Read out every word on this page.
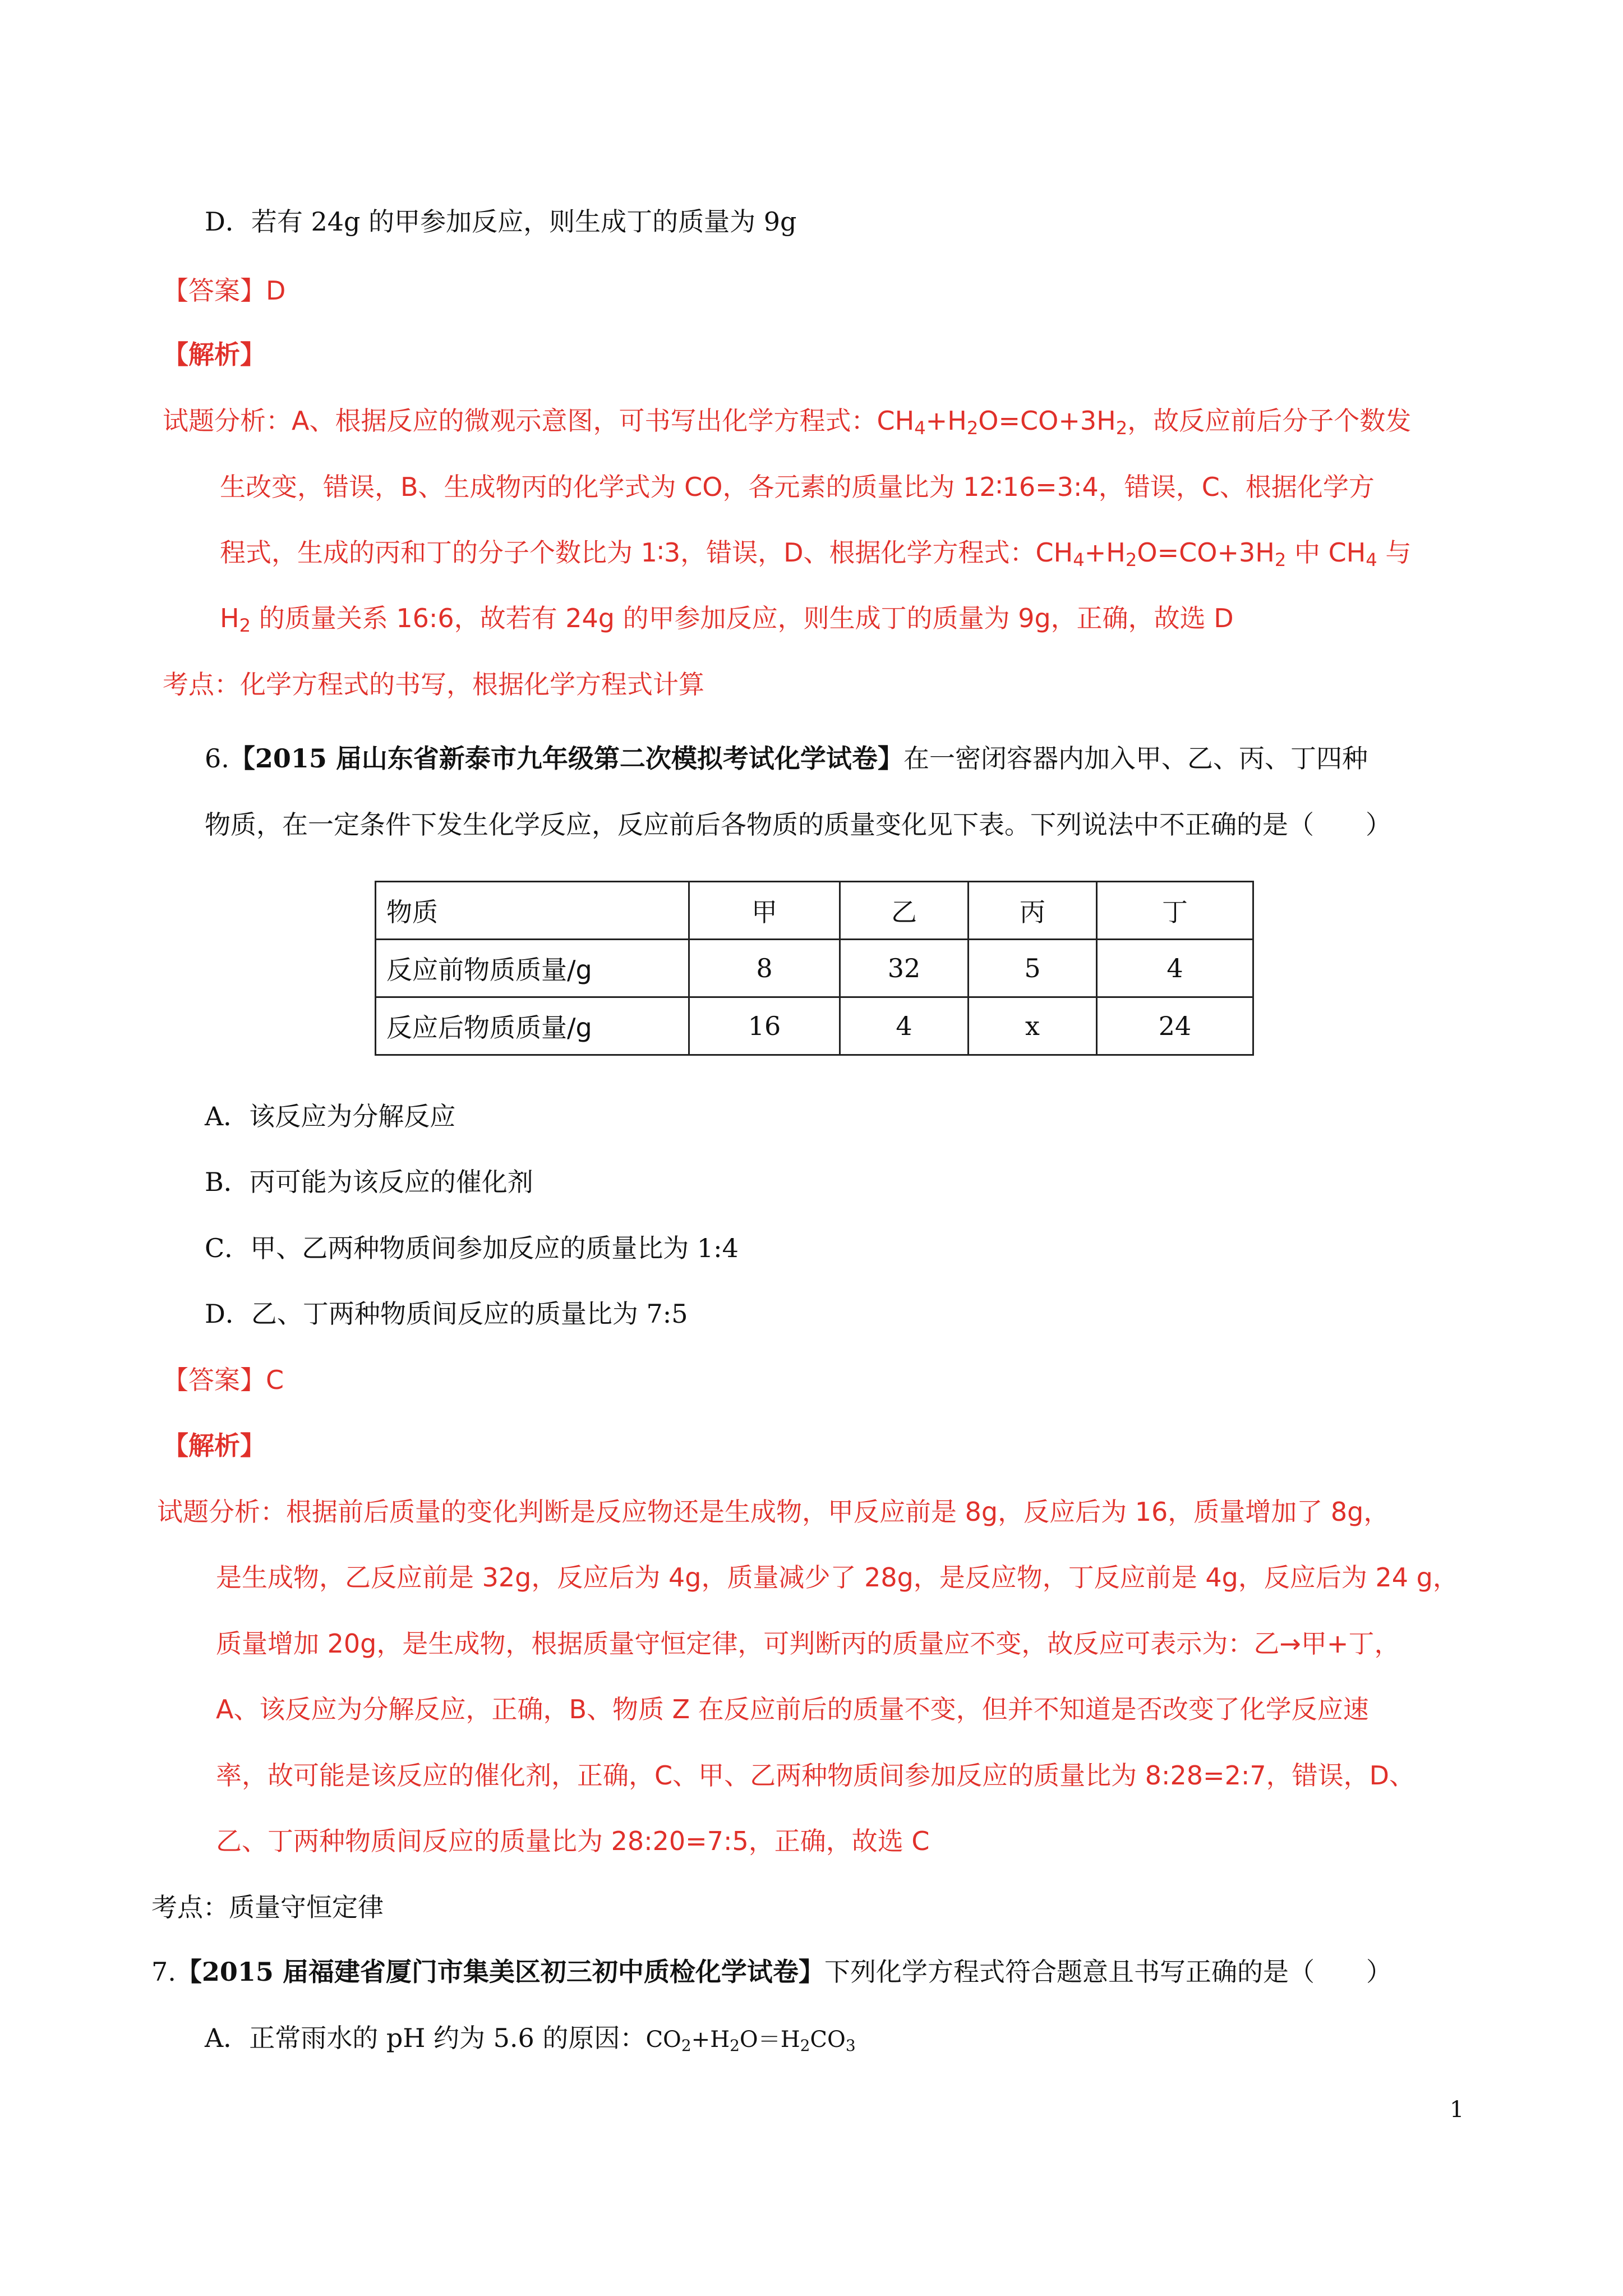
D．若有 24g 的甲参加反应，则生成丁的质量为 9g
【答案】D
【解析】
试题分析：A、根据反应的微观示意图，可书写出化学方程式：$CH_4+H_2O=CO+3H_2$，故反应前后分子个数发
生改变，错误，B、生成物丙的化学式为 CO，各元素的质量比为 12∶16=3:4，错误，C、根据化学方
程式，生成的丙和丁的分子个数比为 1∶3，错误，D、根据化学方程式：$CH_4+H_2O=CO+3H_2$ 中 $CH_4$ 与
$H_2$ 的质量关系 16:6，故若有 24g 的甲参加反应，则生成丁的质量为 9g，正确，故选 D
考点：化学方程式的书写，根据化学方程式计算
6.【2015 届山东省新泰市九年级第二次模拟考试化学试卷】在一密闭容器内加入甲、乙、丙、丁四种
物质，在一定条件下发生化学反应，反应前后各物质的质量变化见下表。下列说法中不正确的是（　　）
物质	甲	乙	丙	丁
反应前物质质量/g	8	32	5	4
反应后物质质量/g	16	4	x	24
A．该反应为分解反应
B．丙可能为该反应的催化剂
C．甲、乙两种物质间参加反应的质量比为 1:4
D．乙、丁两种物质间反应的质量比为 7:5
【答案】C
【解析】
试题分析：根据前后质量的变化判断是反应物还是生成物，甲反应前是 8g，反应后为 16，质量增加了 8g，
是生成物，乙反应前是 32g，反应后为 4g，质量减少了 28g，是反应物，丁反应前是 4g，反应后为 24 g，
质量增加 20g，是生成物，根据质量守恒定律，可判断丙的质量应不变，故反应可表示为：乙→甲+丁，
A、该反应为分解反应，正确，B、物质 Z 在反应前后的质量不变，但并不知道是否改变了化学反应速
率，故可能是该反应的催化剂，正确，C、甲、乙两种物质间参加反应的质量比为 8:28=2:7，错误，D、
乙、丁两种物质间反应的质量比为 28:20=7:5，正确，故选 C
考点：质量守恒定律
7.【2015 届福建省厦门市集美区初三初中质检化学试卷】下列化学方程式符合题意且书写正确的是（　　）
A．正常雨水的 pH 约为 5.6 的原因：$CO_2+H_2O=H_2CO_3$
1
